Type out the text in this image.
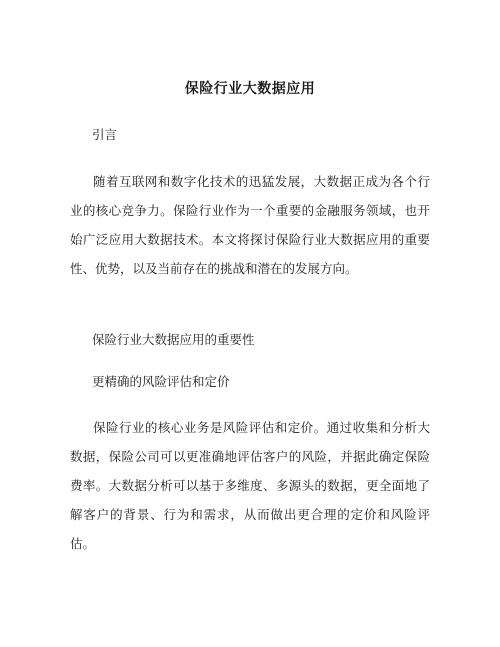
保险行业大数据应用

引言

随着互联网和数字化技术的迅猛发展，大数据正成为各个行业的核心竞争力。保险行业作为一个重要的金融服务领域，也开始广泛应用大数据技术。本文将探讨保险行业大数据应用的重要性、优势，以及当前存在的挑战和潜在的发展方向。

保险行业大数据应用的重要性

更精确的风险评估和定价

保险行业的核心业务是风险评估和定价。通过收集和分析大数据，保险公司可以更准确地评估客户的风险，并据此确定保险费率。大数据分析可以基于多维度、多源头的数据，更全面地了解客户的背景、行为和需求，从而做出更合理的定价和风险评估。
